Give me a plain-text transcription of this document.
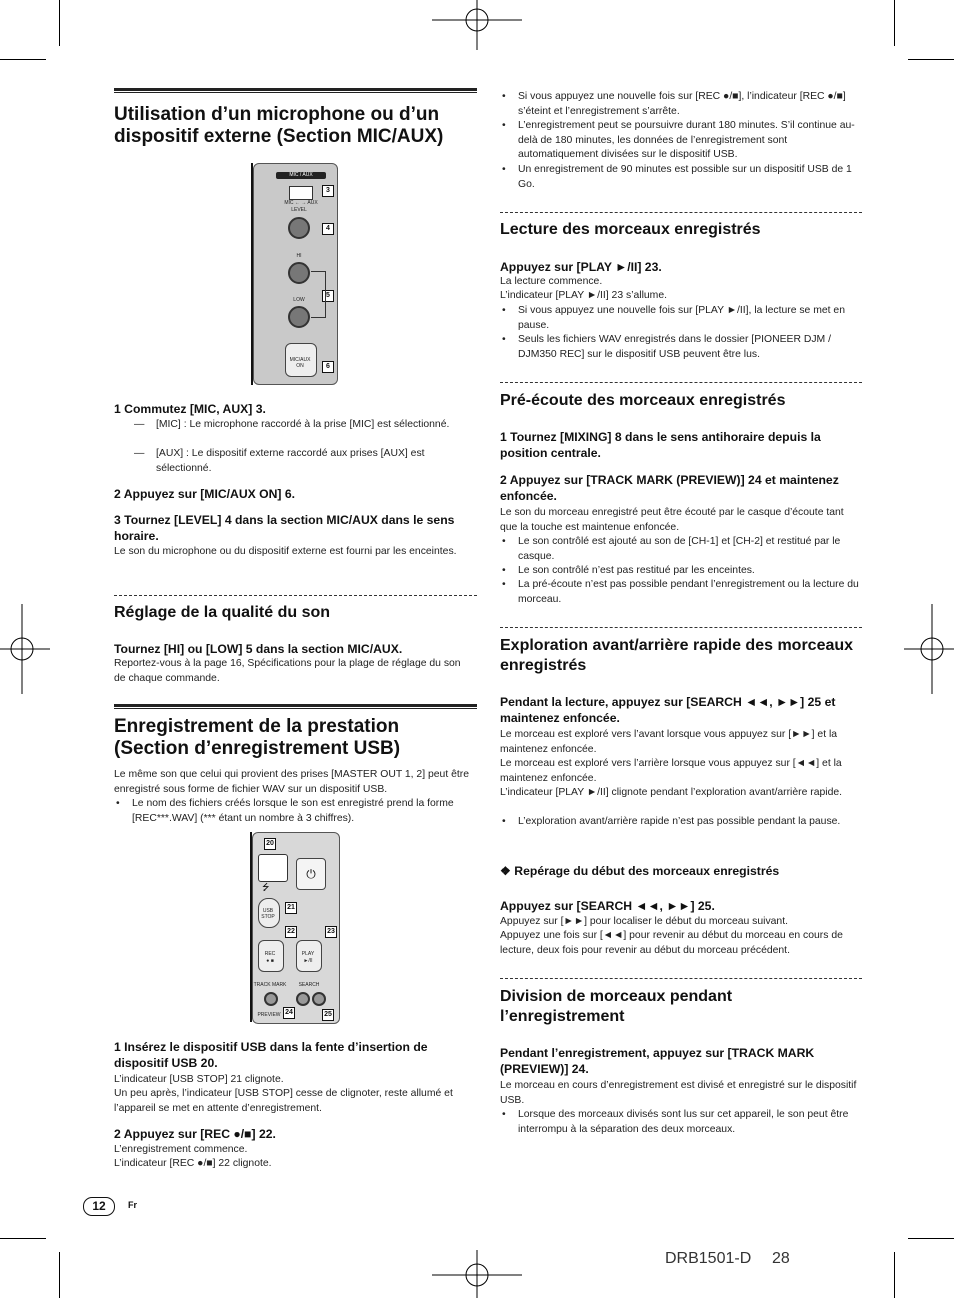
Utilisation d’un microphone ou d’un dispositif externe (Section MIC/AUX)
MIC / AUX
MIC ← → AUX
3
LEVEL
4
HI
LOW
5
MIC/AUX ON	6
1 Commutez [MIC, AUX] 3.
— [MIC] : Le microphone raccordé à la prise [MIC] est sélectionné.
— [AUX] : Le dispositif externe raccordé aux prises [AUX] est sélectionné.
2 Appuyez sur [MIC/AUX ON] 6.
3 Tournez [LEVEL] 4 dans la section MIC/AUX dans le sens horaire.
Le son du microphone ou du dispositif externe est fourni par les enceintes.
Réglage de la qualité du son
Tournez [HI] ou [LOW] 5 dans la section MIC/AUX.
Reportez-vous à la page 16, Spécifications pour la plage de réglage du son de chaque commande.
Enregistrement de la prestation (Section d’enregistrement USB)
Le même son que celui qui provient des prises [MASTER OUT 1, 2] peut être enregistré sous forme de fichier WAV sur un dispositif USB.
• Le nom des fichiers créés lorsque le son est enregistré prend la forme [REC***.WAV] (*** étant un nombre à 3 chiffres).
20
⏻
⭍
USB STOP
21
22	23
REC
● ■
PLAY
►/II
TRACK MARK	SEARCH
PREVIEW 24	25
1 Insérez le dispositif USB dans la fente d’insertion de dispositif USB 20.
L’indicateur [USB STOP] 21 clignote.
Un peu après, l’indicateur [USB STOP] cesse de clignoter, reste allumé et l’appareil se met en attente d’enregistrement.
2 Appuyez sur [REC ●/■] 22.
L’enregistrement commence.
L’indicateur [REC ●/■] 22 clignote.
• Si vous appuyez une nouvelle fois sur [REC ●/■], l’indicateur [REC ●/■] s’éteint et l’enregistrement s’arrête.
• L’enregistrement peut se poursuivre durant 180 minutes. S’il continue au-delà de 180 minutes, les données de l’enregistrement sont automatiquement divisées sur le dispositif USB.
• Un enregistrement de 90 minutes est possible sur un dispositif USB de 1 Go.
Lecture des morceaux enregistrés
Appuyez sur [PLAY ►/II] 23.
La lecture commence.
L’indicateur [PLAY ►/II] 23 s’allume.
• Si vous appuyez une nouvelle fois sur [PLAY ►/II], la lecture se met en pause.
• Seuls les fichiers WAV enregistrés dans le dossier [PIONEER DJM / DJM350 REC] sur le dispositif USB peuvent être lus.
Pré-écoute des morceaux enregistrés
1 Tournez [MIXING] 8 dans le sens antihoraire depuis la position centrale.
2 Appuyez sur [TRACK MARK (PREVIEW)] 24 et maintenez enfoncée.
Le son du morceau enregistré peut être écouté par le casque d’écoute tant que la touche est maintenue enfoncée.
• Le son contrôlé est ajouté au son de [CH-1] et [CH-2] et restitué par le casque.
• Le son contrôlé n’est pas restitué par les enceintes.
• La pré-écoute n’est pas possible pendant l’enregistrement ou la lecture du morceau.
Exploration avant/arrière rapide des morceaux enregistrés
Pendant la lecture, appuyez sur [SEARCH ◄◄, ►►] 25 et maintenez enfoncée.
Le morceau est exploré vers l’avant lorsque vous appuyez sur [►►] et la maintenez enfoncée.
Le morceau est exploré vers l’arrière lorsque vous appuyez sur [◄◄] et la maintenez enfoncée.
L’indicateur [PLAY ►/II] clignote pendant l’exploration avant/arrière rapide.
• L’exploration avant/arrière rapide n’est pas possible pendant la pause.
❖ Repérage du début des morceaux enregistrés
Appuyez sur [SEARCH ◄◄, ►►] 25.
Appuyez sur [►►] pour localiser le début du morceau suivant.
Appuyez une fois sur [◄◄] pour revenir au début du morceau en cours de lecture, deux fois pour revenir au début du morceau précédent.
Division de morceaux pendant l’enregistrement
Pendant l’enregistrement, appuyez sur [TRACK MARK (PREVIEW)] 24.
Le morceau en cours d’enregistrement est divisé et enregistré sur le dispositif USB.
• Lorsque des morceaux divisés sont lus sur cet appareil, le son peut être interrompu à la séparation des deux morceaux.
12	Fr
DRB1501-D 28
